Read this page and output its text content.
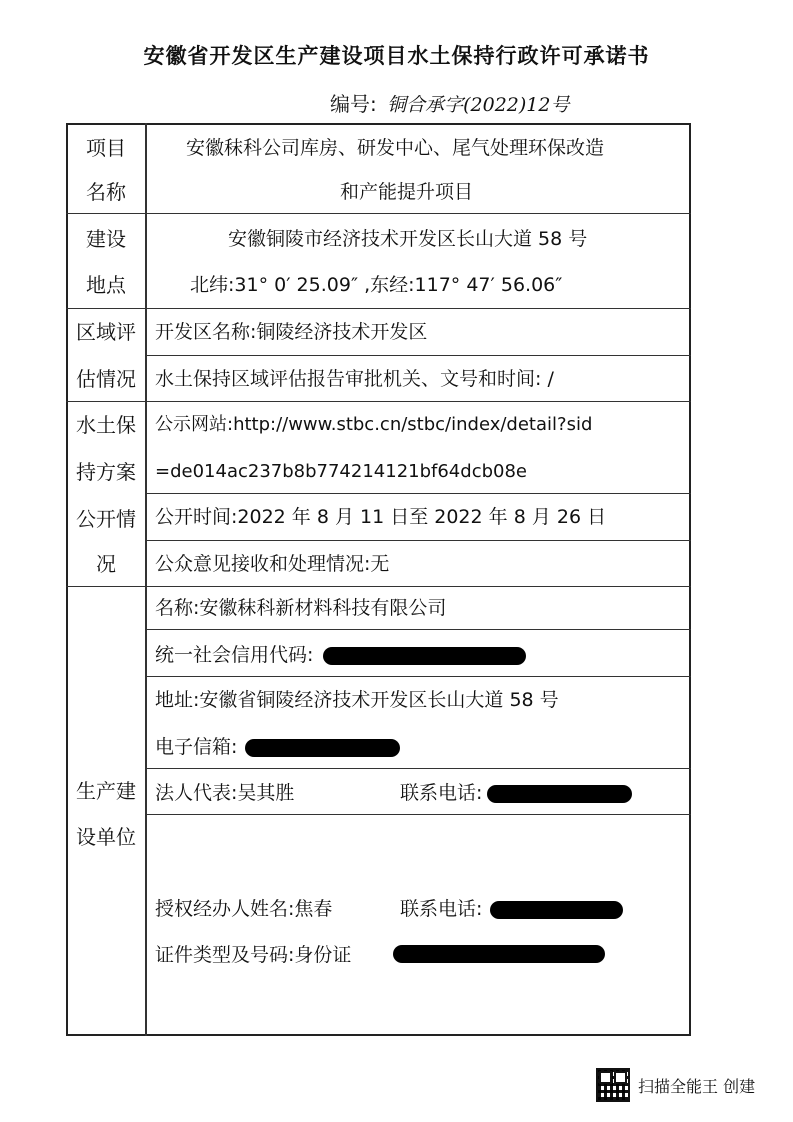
安徽省开发区生产建设项目水土保持行政许可承诺书
编号: 铜合承字(2022)12号
项目
名称
安徽秣科公司库房、研发中心、尾气处理环保改造
和产能提升项目
建设
地点
安徽铜陵市经济技术开发区长山大道 58 号
北纬:31° 0′ 25.09″ ,东经:117° 47′ 56.06″
区域评
估情况
开发区名称:铜陵经济技术开发区
水土保持区域评估报告审批机关、文号和时间: /
水土保
持方案
公开情
况
公示网站:http://www.stbc.cn/stbc/index/detail?sid
=de014ac237b8b774214121bf64dcb08e
公开时间:2022 年 8 月 11 日至 2022 年 8 月 26 日
公众意见接收和处理情况:无
生产建
设单位
名称:安徽秣科新材料科技有限公司
统一社会信用代码:
地址:安徽省铜陵经济技术开发区长山大道 58 号
电子信箱:
法人代表:吴其胜	联系电话:
授权经办人姓名:焦春	联系电话:
证件类型及号码:身份证
扫描全能王 创建
